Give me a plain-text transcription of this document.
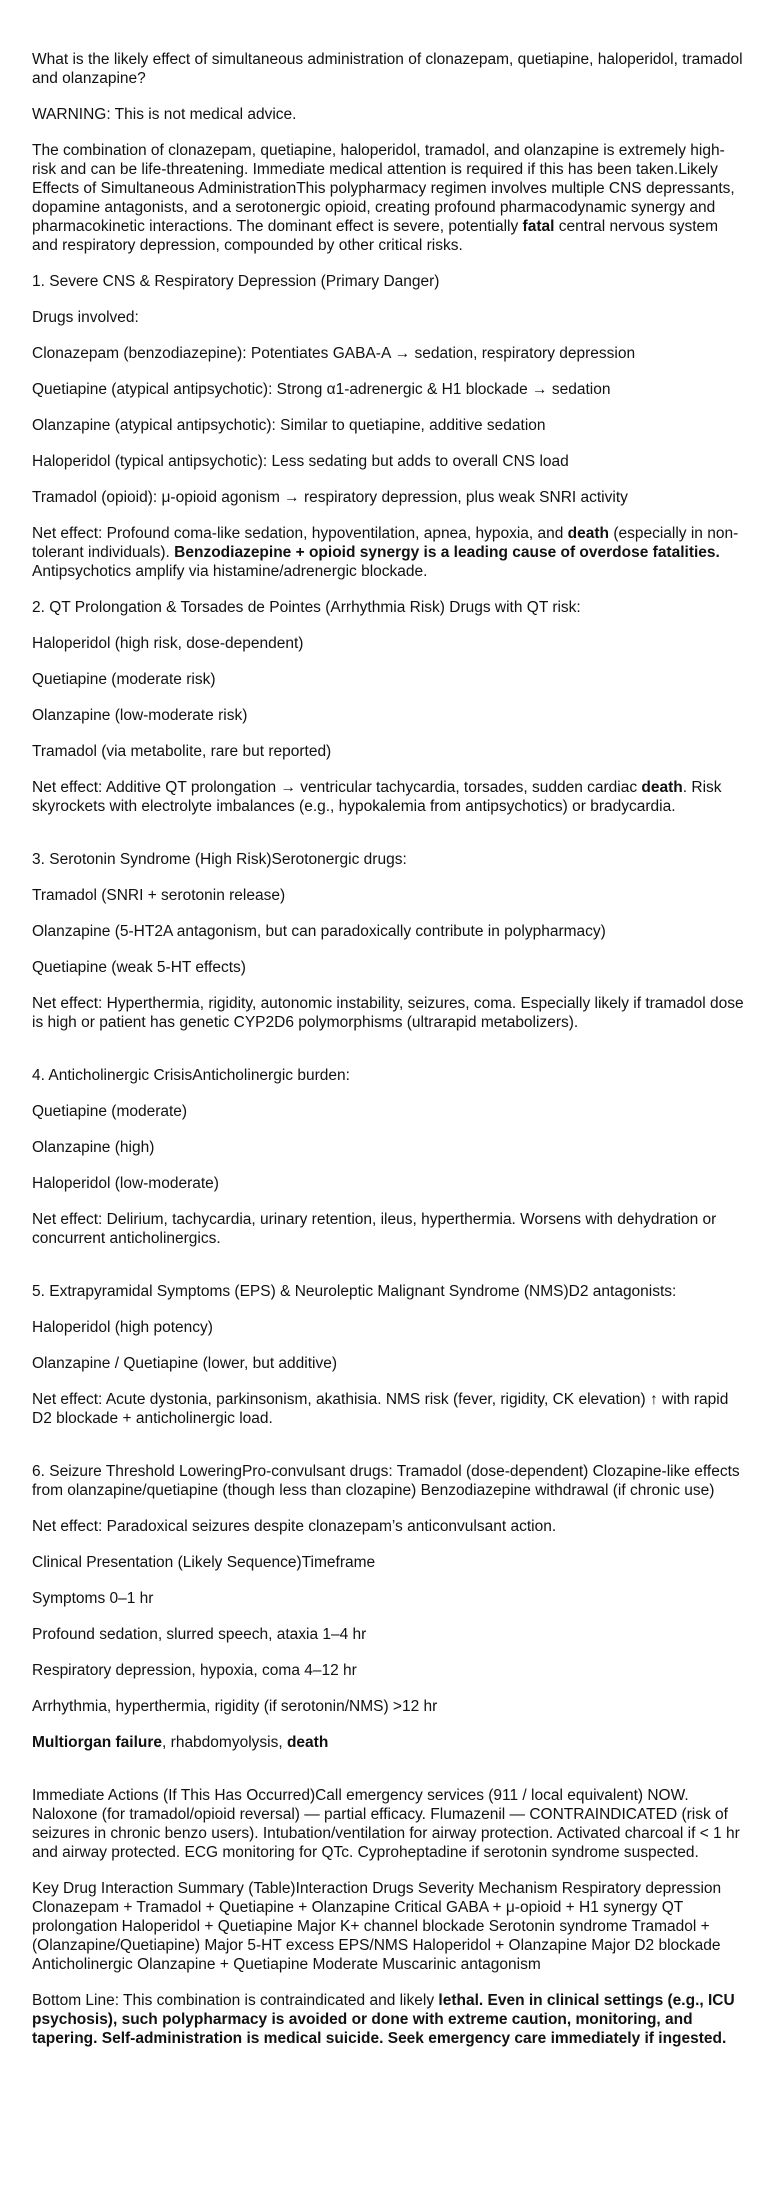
What is the likely effect of simultaneous administration of clonazepam, quetiapine, haloperidol, tramadol and olanzapine?

WARNING: This is not medical advice.

The combination of clonazepam, quetiapine, haloperidol, tramadol, and olanzapine is extremely high-risk and can be life-threatening. Immediate medical attention is required if this has been taken.Likely Effects of Simultaneous AdministrationThis polypharmacy regimen involves multiple CNS depressants, dopamine antagonists, and a serotonergic opioid, creating profound pharmacodynamic synergy and pharmacokinetic interactions. The dominant effect is severe, potentially fatal central nervous system and respiratory depression, compounded by other critical risks.

1. Severe CNS & Respiratory Depression (Primary Danger)

Drugs involved:

Clonazepam (benzodiazepine): Potentiates GABA-A → sedation, respiratory depression

Quetiapine (atypical antipsychotic): Strong α1-adrenergic & H1 blockade → sedation

Olanzapine (atypical antipsychotic): Similar to quetiapine, additive sedation

Haloperidol (typical antipsychotic): Less sedating but adds to overall CNS load

Tramadol (opioid): μ-opioid agonism → respiratory depression, plus weak SNRI activity

Net effect: Profound coma-like sedation, hypoventilation, apnea, hypoxia, and death (especially in non-tolerant individuals). Benzodiazepine + opioid synergy is a leading cause of overdose fatalities. Antipsychotics amplify via histamine/adrenergic blockade.

2. QT Prolongation & Torsades de Pointes (Arrhythmia Risk) Drugs with QT risk:

Haloperidol (high risk, dose-dependent)

Quetiapine (moderate risk)

Olanzapine (low-moderate risk)

Tramadol (via metabolite, rare but reported)

Net effect: Additive QT prolongation → ventricular tachycardia, torsades, sudden cardiac death. Risk skyrockets with electrolyte imbalances (e.g., hypokalemia from antipsychotics) or bradycardia.

3. Serotonin Syndrome (High Risk)Serotonergic drugs:

Tramadol (SNRI + serotonin release)

Olanzapine (5-HT2A antagonism, but can paradoxically contribute in polypharmacy)

Quetiapine (weak 5-HT effects)

Net effect: Hyperthermia, rigidity, autonomic instability, seizures, coma. Especially likely if tramadol dose is high or patient has genetic CYP2D6 polymorphisms (ultrarapid metabolizers).

4. Anticholinergic CrisisAnticholinergic burden:

Quetiapine (moderate)

Olanzapine (high)

Haloperidol (low-moderate)

Net effect: Delirium, tachycardia, urinary retention, ileus, hyperthermia. Worsens with dehydration or concurrent anticholinergics.

5. Extrapyramidal Symptoms (EPS) & Neuroleptic Malignant Syndrome (NMS)D2 antagonists:

Haloperidol (high potency)

Olanzapine / Quetiapine (lower, but additive)

Net effect: Acute dystonia, parkinsonism, akathisia. NMS risk (fever, rigidity, CK elevation) ↑ with rapid D2 blockade + anticholinergic load.

6. Seizure Threshold LoweringPro-convulsant drugs: Tramadol (dose-dependent) Clozapine-like effects from olanzapine/quetiapine (though less than clozapine) Benzodiazepine withdrawal (if chronic use)

Net effect: Paradoxical seizures despite clonazepam’s anticonvulsant action.

Clinical Presentation (Likely Sequence)Timeframe

Symptoms 0–1 hr

Profound sedation, slurred speech, ataxia 1–4 hr

Respiratory depression, hypoxia, coma 4–12 hr

Arrhythmia, hyperthermia, rigidity (if serotonin/NMS) >12 hr

Multiorgan failure, rhabdomyolysis, death

Immediate Actions (If This Has Occurred)Call emergency services (911 / local equivalent) NOW. Naloxone (for tramadol/opioid reversal) — partial efficacy. Flumazenil — CONTRAINDICATED (risk of seizures in chronic benzo users). Intubation/ventilation for airway protection. Activated charcoal if < 1 hr and airway protected. ECG monitoring for QTc. Cyproheptadine if serotonin syndrome suspected.

Key Drug Interaction Summary (Table)Interaction Drugs Severity Mechanism Respiratory depression Clonazepam + Tramadol + Quetiapine + Olanzapine Critical GABA + μ-opioid + H1 synergy QT prolongation Haloperidol + Quetiapine Major K+ channel blockade Serotonin syndrome Tramadol + (Olanzapine/Quetiapine) Major 5-HT excess EPS/NMS Haloperidol + Olanzapine Major D2 blockade Anticholinergic Olanzapine + Quetiapine Moderate Muscarinic antagonism

Bottom Line: This combination is contraindicated and likely lethal. Even in clinical settings (e.g., ICU psychosis), such polypharmacy is avoided or done with extreme caution, monitoring, and tapering. Self-administration is medical suicide. Seek emergency care immediately if ingested.
